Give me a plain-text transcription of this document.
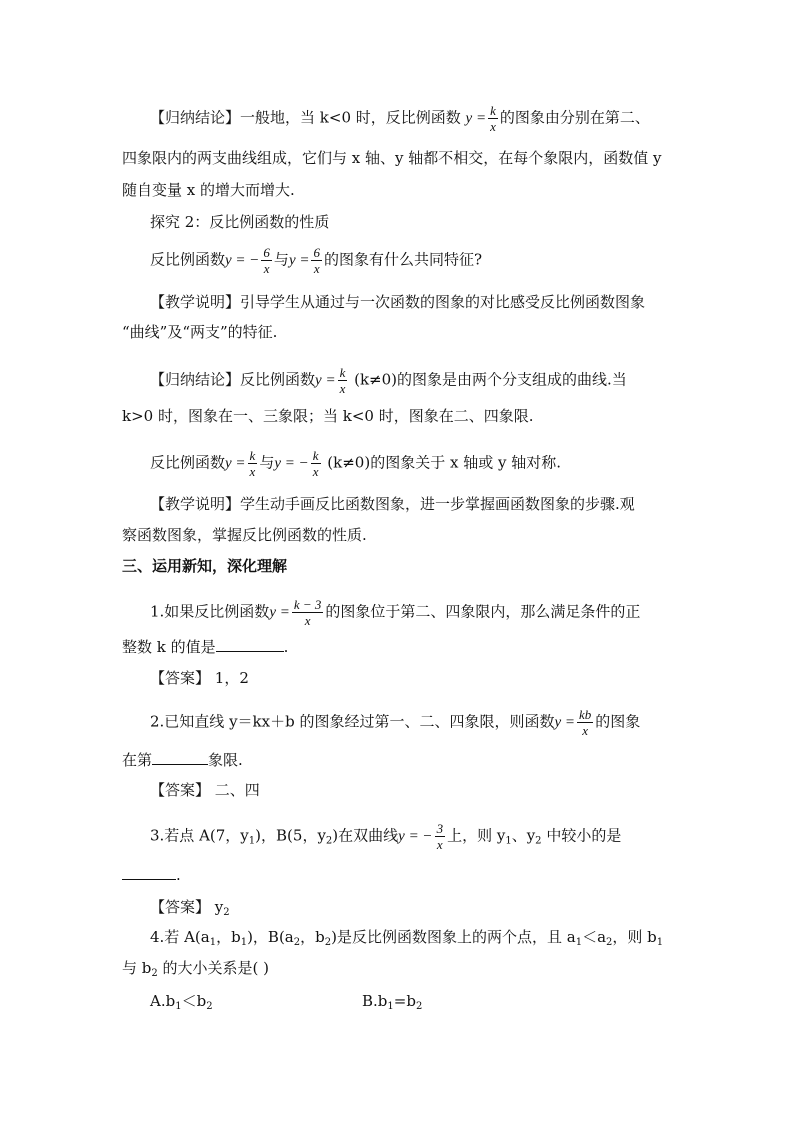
【归纳结论】一般地，当 k<0 时，反比例函数 $y = \frac{k}{x}$ 的图象由分别在第二、
四象限内的两支曲线组成，它们与 x 轴、y 轴都不相交，在每个象限内，函数值 y
随自变量 x 的增大而增大.
探究 2：反比例函数的性质
反比例函数y = − $\frac{6}{x}$ 与$y = \frac{6}{x}$ 的图象有什么共同特征?
【教学说明】引导学生从通过与一次函数的图象的对比感受反比例函数图象
“曲线”及“两支”的特征.
【归纳结论】反比例函数$y = \frac{k}{x} (k\ne 0)$的图象是由两个分支组成的曲线.当
k>0 时，图象在一、三象限；当 k<0 时，图象在二、四象限.
反比例函数$y = \frac{k}{x}$ 与y = − $\frac{k}{x} (k\ne 0)$的图象关于 x 轴或 y 轴对称.
【教学说明】学生动手画反比函数图象，进一步掌握画函数图象的步骤.观
察函数图象，掌握反比例函数的性质.
三、运用新知，深化理解
1.如果反比例函数$y = \frac{k - 3}{x}$ 的图象位于第二、四象限内，那么满足条件的正
整数 k 的值是	.
【答案】 1，2
2.已知直线 y＝kx＋b 的图象经过第一、二、四象限，则函数$y = \frac{kb}{x}$ 的图象
在第	象限.
【答案】 二、四
3.若点 A(7，$y_1$)，B(5，$y_2$)在双曲线y = − $\frac{3}{x}$ 上，则 $y_1$、$y_2$ 中较小的是
.
【答案】 $y_2$
4.若 $A(a_1$，$b_1$)，$B(a_2$，$b_2$)是反比例函数图象上的两个点，且 $a_1<a_2$，则 $b_1$
与 $b_2$ 的大小关系是( )
$A.b_1<b_2$	$B.b_1=b_2$
